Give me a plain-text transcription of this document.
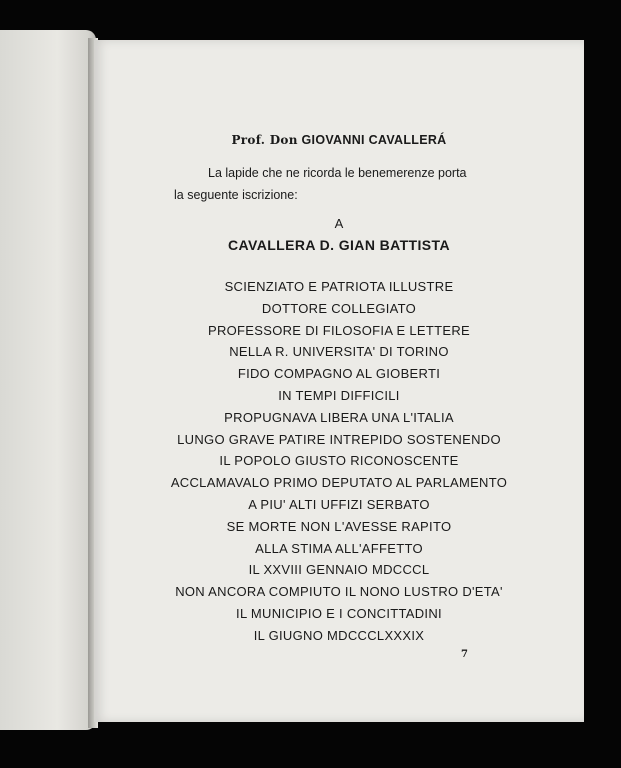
Prof. Don GIOVANNI CAVALLERÁ
La lapide che ne ricorda le benemerenze porta
la seguente iscrizione:
A
CAVALLERA D. GIAN BATTISTA
SCIENZIATO E PATRIOTA ILLUSTRE
DOTTORE COLLEGIATO
PROFESSORE DI FILOSOFIA E LETTERE
NELLA R. UNIVERSITA' DI TORINO
FIDO COMPAGNO AL GIOBERTI
IN TEMPI DIFFICILI
PROPUGNAVA LIBERA UNA L'ITALIA
LUNGO GRAVE PATIRE INTREPIDO SOSTENENDO
IL POPOLO GIUSTO RICONOSCENTE
ACCLAMAVALO PRIMO DEPUTATO AL PARLAMENTO
A PIU' ALTI UFFIZI SERBATO
SE MORTE NON L'AVESSE RAPITO
ALLA STIMA ALL'AFFETTO
IL XXVIII GENNAIO MDCCCL
NON ANCORA COMPIUTO IL NONO LUSTRO D'ETA'
IL MUNICIPIO E I CONCITTADINI
IL GIUGNO MDCCCLXXXIX
7
